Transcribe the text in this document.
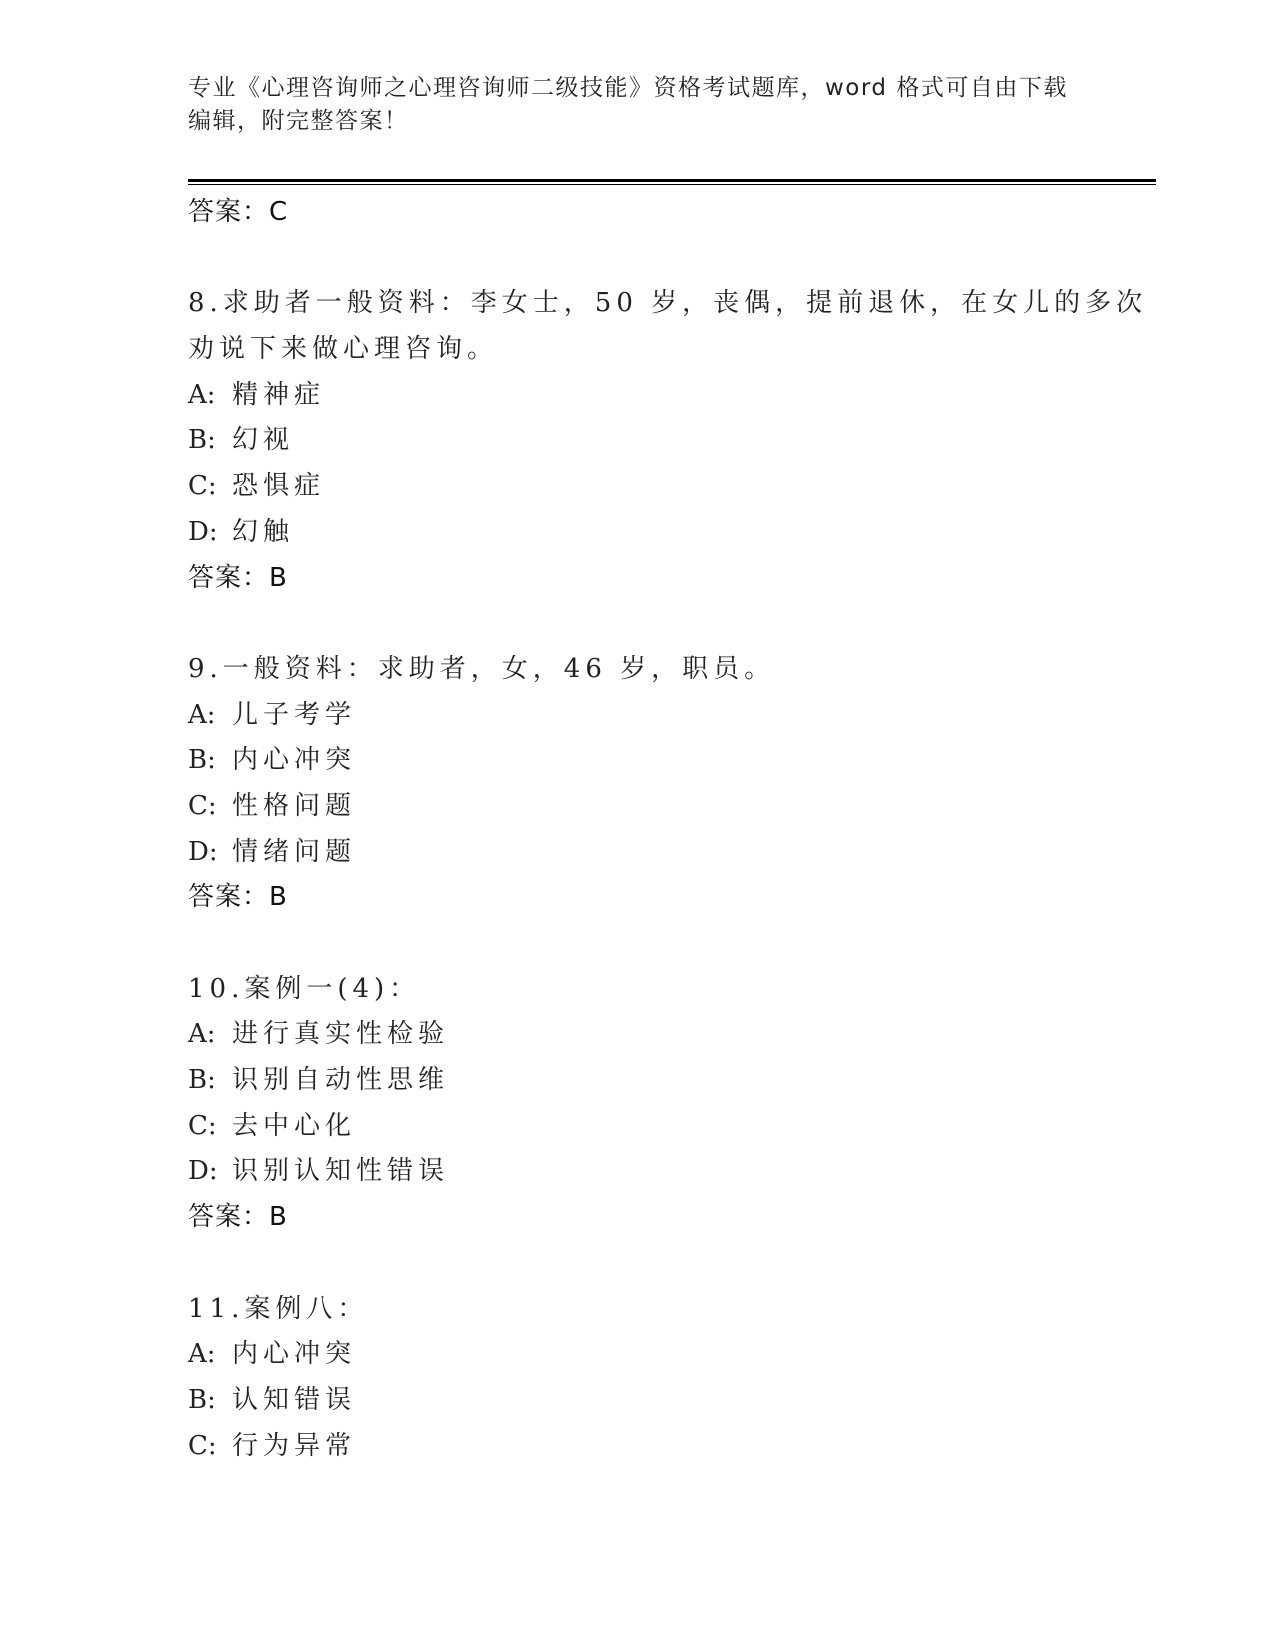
专业《心理咨询师之心理咨询师二级技能》资格考试题库，word 格式可自由下载
编辑，附完整答案！
答案：C
8.求助者一般资料：李女士，50 岁，丧偶，提前退休，在女儿的多次
劝说下来做心理咨询。
A: 精神症
B: 幻视
C: 恐惧症
D: 幻触
答案：B
9.一般资料：求助者，女，46 岁，职员。
A: 儿子考学
B: 内心冲突
C: 性格问题
D: 情绪问题
答案：B
10.案例一(4)：
A: 进行真实性检验
B: 识别自动性思维
C: 去中心化
D: 识别认知性错误
答案：B
11.案例八：
A: 内心冲突
B: 认知错误
C: 行为异常
